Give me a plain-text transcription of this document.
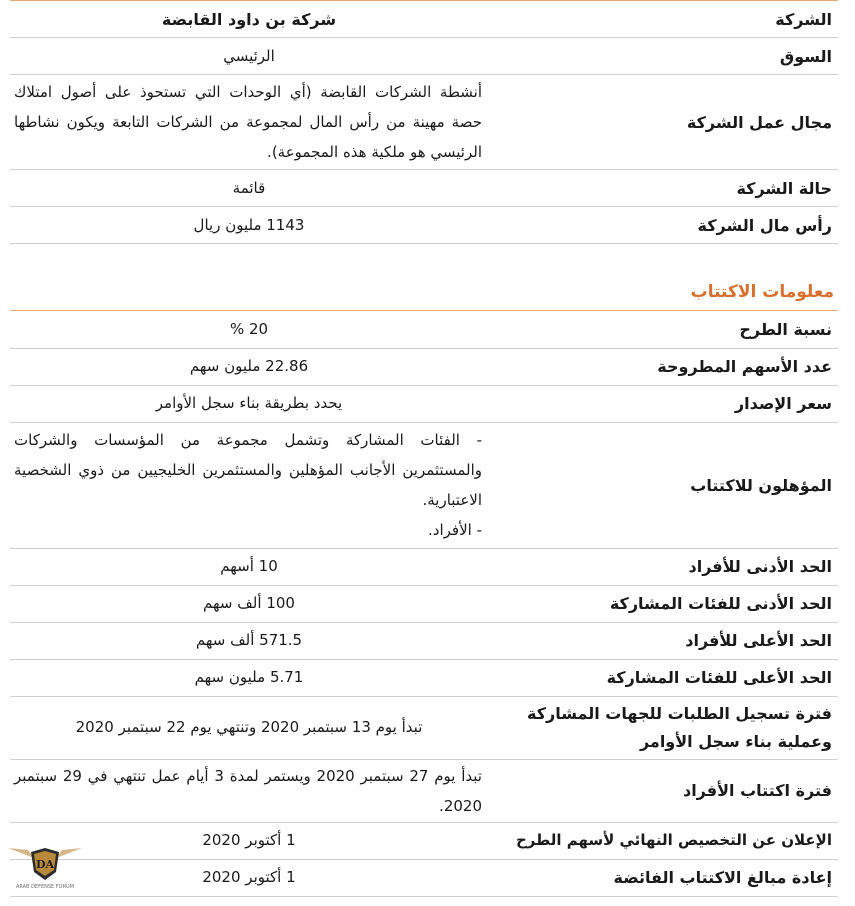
الشركة	شركة بن داود القابضة
السوق	الرئيسي
مجال عمل الشركة	أنشطة الشركات القابضة (أي الوحدات التي تستحوذ على أصول امتلاك حصة مهينة من رأس المال لمجموعة من الشركات التابعة ويكون نشاطها الرئيسي هو ملكية هذه المجموعة).
حالة الشركة	قائمة
رأس مال الشركة	1143 مليون ريال
معلومات الاكتتاب
نسبة الطرح	20 %
عدد الأسهم المطروحة	22.86 مليون سهم
سعر الإصدار	يحدد بطريقة بناء سجل الأوامر
المؤهلون للاكتتاب	- الفئات المشاركة وتشمل مجموعة من المؤسسات والشركات والمستثمرين الأجانب المؤهلين والمستثمرين الخليجيين من ذوي الشخصية الاعتبارية.
- الأفراد.

الحد الأدنى للأفراد	10 أسهم
الحد الأدنى للفئات المشاركة	100 ألف سهم
الحد الأعلى للأفراد	571.5 ألف سهم
الحد الأعلى للفئات المشاركة	5.71 مليون سهم
فترة تسجيل الطلبات للجهات المشاركة وعملية بناء سجل الأوامر	تبدأ يوم 13 سبتمبر 2020 وتنتهي يوم 22 سبتمبر 2020
فترة اكتتاب الأفراد	تبدأ يوم 27 سبتمبر 2020 ويستمر لمدة 3 أيام عمل تنتهي في 29 سبتمبر 2020.
الإعلان عن التخصيص النهائي لأسهم الطرح	1 أكتوبر 2020
إعادة مبالغ الاكتتاب الفائضة	1 أكتوبر 2020
DA
ARAB DEFENSE FORUM
